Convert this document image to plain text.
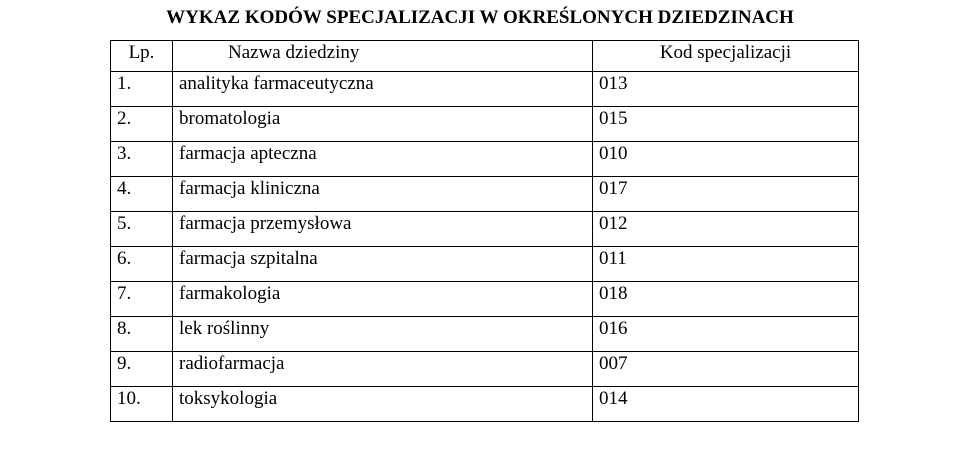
WYKAZ KODÓW SPECJALIZACJI W OKREŚLONYCH DZIEDZINACH
Lp.	Nazwa dziedziny	Kod specjalizacji
1.	analityka farmaceutyczna	013
2.	bromatologia	015
3.	farmacja apteczna	010
4.	farmacja kliniczna	017
5.	farmacja przemysłowa	012
6.	farmacja szpitalna	011
7.	farmakologia	018
8.	lek roślinny	016
9.	radiofarmacja	007
10.	toksykologia	014
